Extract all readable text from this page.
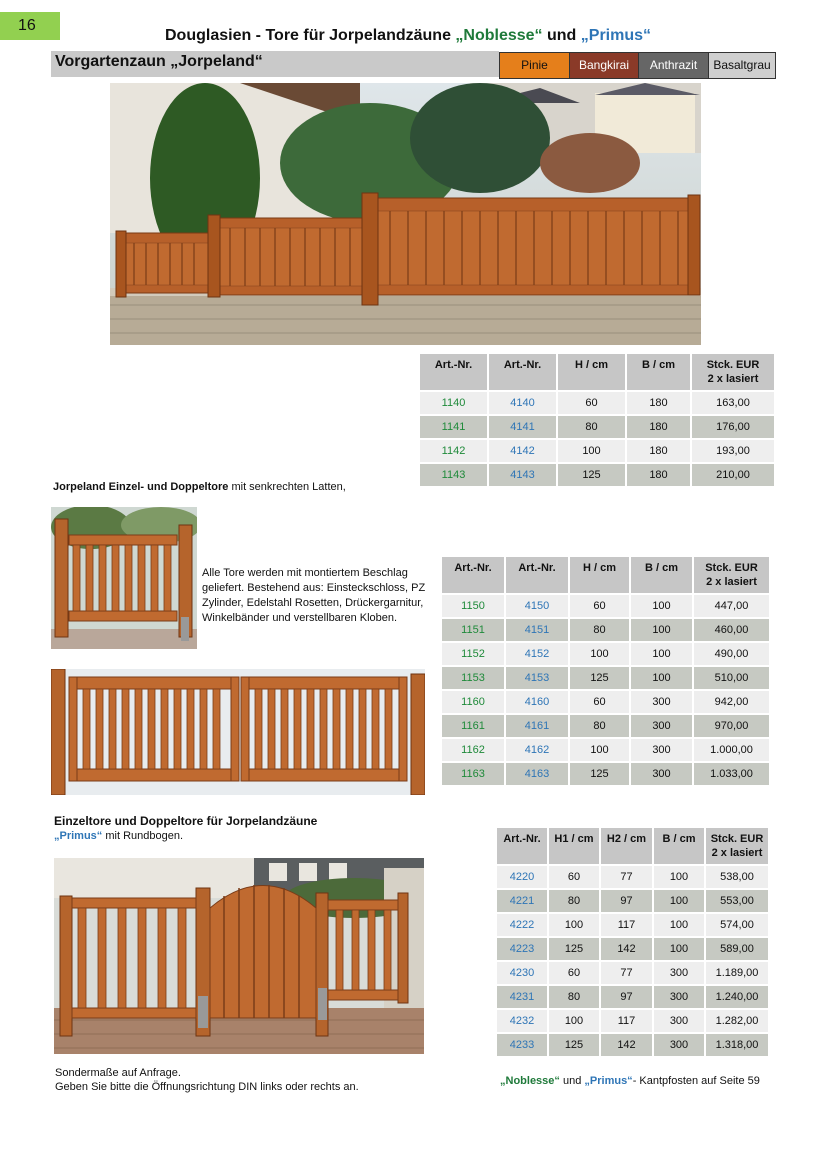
16
Douglasien - Tore für Jorpelandzäune „Noblesse“ und „Primus“
Vorgartenzaun „Jorpeland“	Pinie	Bangkirai	Anthrazit	Basaltgrau
Art.-Nr.	Art.-Nr.	H / cm	B / cm	Stck. EUR
2 x lasiert
1140	4140	60	180	163,00
1141	4141	80	180	176,00
1142	4142	100	180	193,00
1143	4143	125	180	210,00
Jorpeland Einzel- und Doppeltore mit senkrechten Latten,
Alle Tore werden mit montiertem Beschlag geliefert. Bestehend aus: Einsteckschloss, PZ Zylinder, Edelstahl Rosetten, Drückergarnitur, Winkelbänder und verstellbaren Kloben.
Art.-Nr.	Art.-Nr.	H / cm	B / cm	Stck. EUR
2 x lasiert
1150	4150	60	100	447,00
1151	4151	80	100	460,00
1152	4152	100	100	490,00
1153	4153	125	100	510,00
1160	4160	60	300	942,00
1161	4161	80	300	970,00
1162	4162	100	300	1.000,00
1163	4163	125	300	1.033,00
Einzeltore und Doppeltore für Jorpelandzäune
„Primus“ mit Rundbogen.	Art.-Nr.	H1 / cm	H2 / cm	B / cm	Stck. EUR
2 x lasiert
4220	60	77	100	538,00
4221	80	97	100	553,00
4222	100	117	100	574,00
4223	125	142	100	589,00
4230	60	77	300	1.189,00
4231	80	97	300	1.240,00
4232	100	117	300	1.282,00
4233	125	142	300	1.318,00
Sondermaße auf Anfrage.
Geben Sie bitte die Öffnungsrichtung DIN links oder rechts an.	„Noblesse“ und „Primus“- Kantpfosten auf Seite 59
